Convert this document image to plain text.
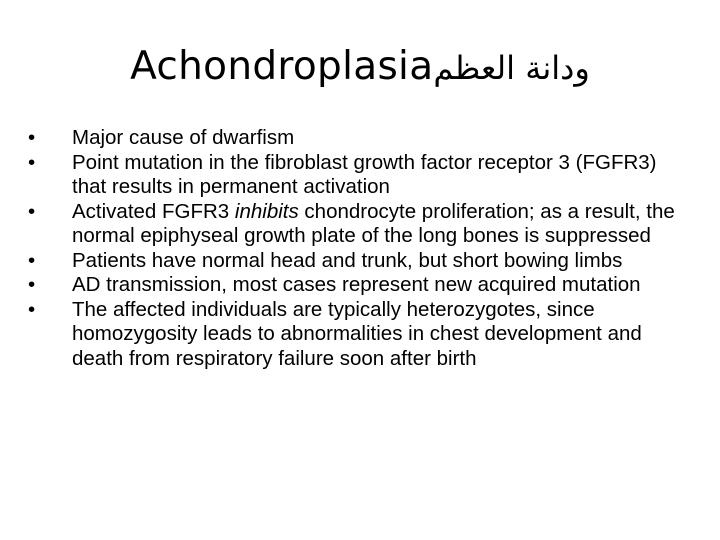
Achondroplasiaودانة العظم
•	Major cause of dwarfism
•	Point mutation in the fibroblast growth factor receptor 3 (FGFR3) that results in permanent activation
•	Activated FGFR3 inhibits chondrocyte proliferation; as a result, the normal epiphyseal growth plate of the long bones is suppressed
•	Patients have normal head and trunk, but short bowing limbs
•	AD transmission, most cases represent new acquired mutation
•	The affected individuals are typically heterozygotes, since homozygosity leads to abnormalities in chest development and death from respiratory failure soon after birth
